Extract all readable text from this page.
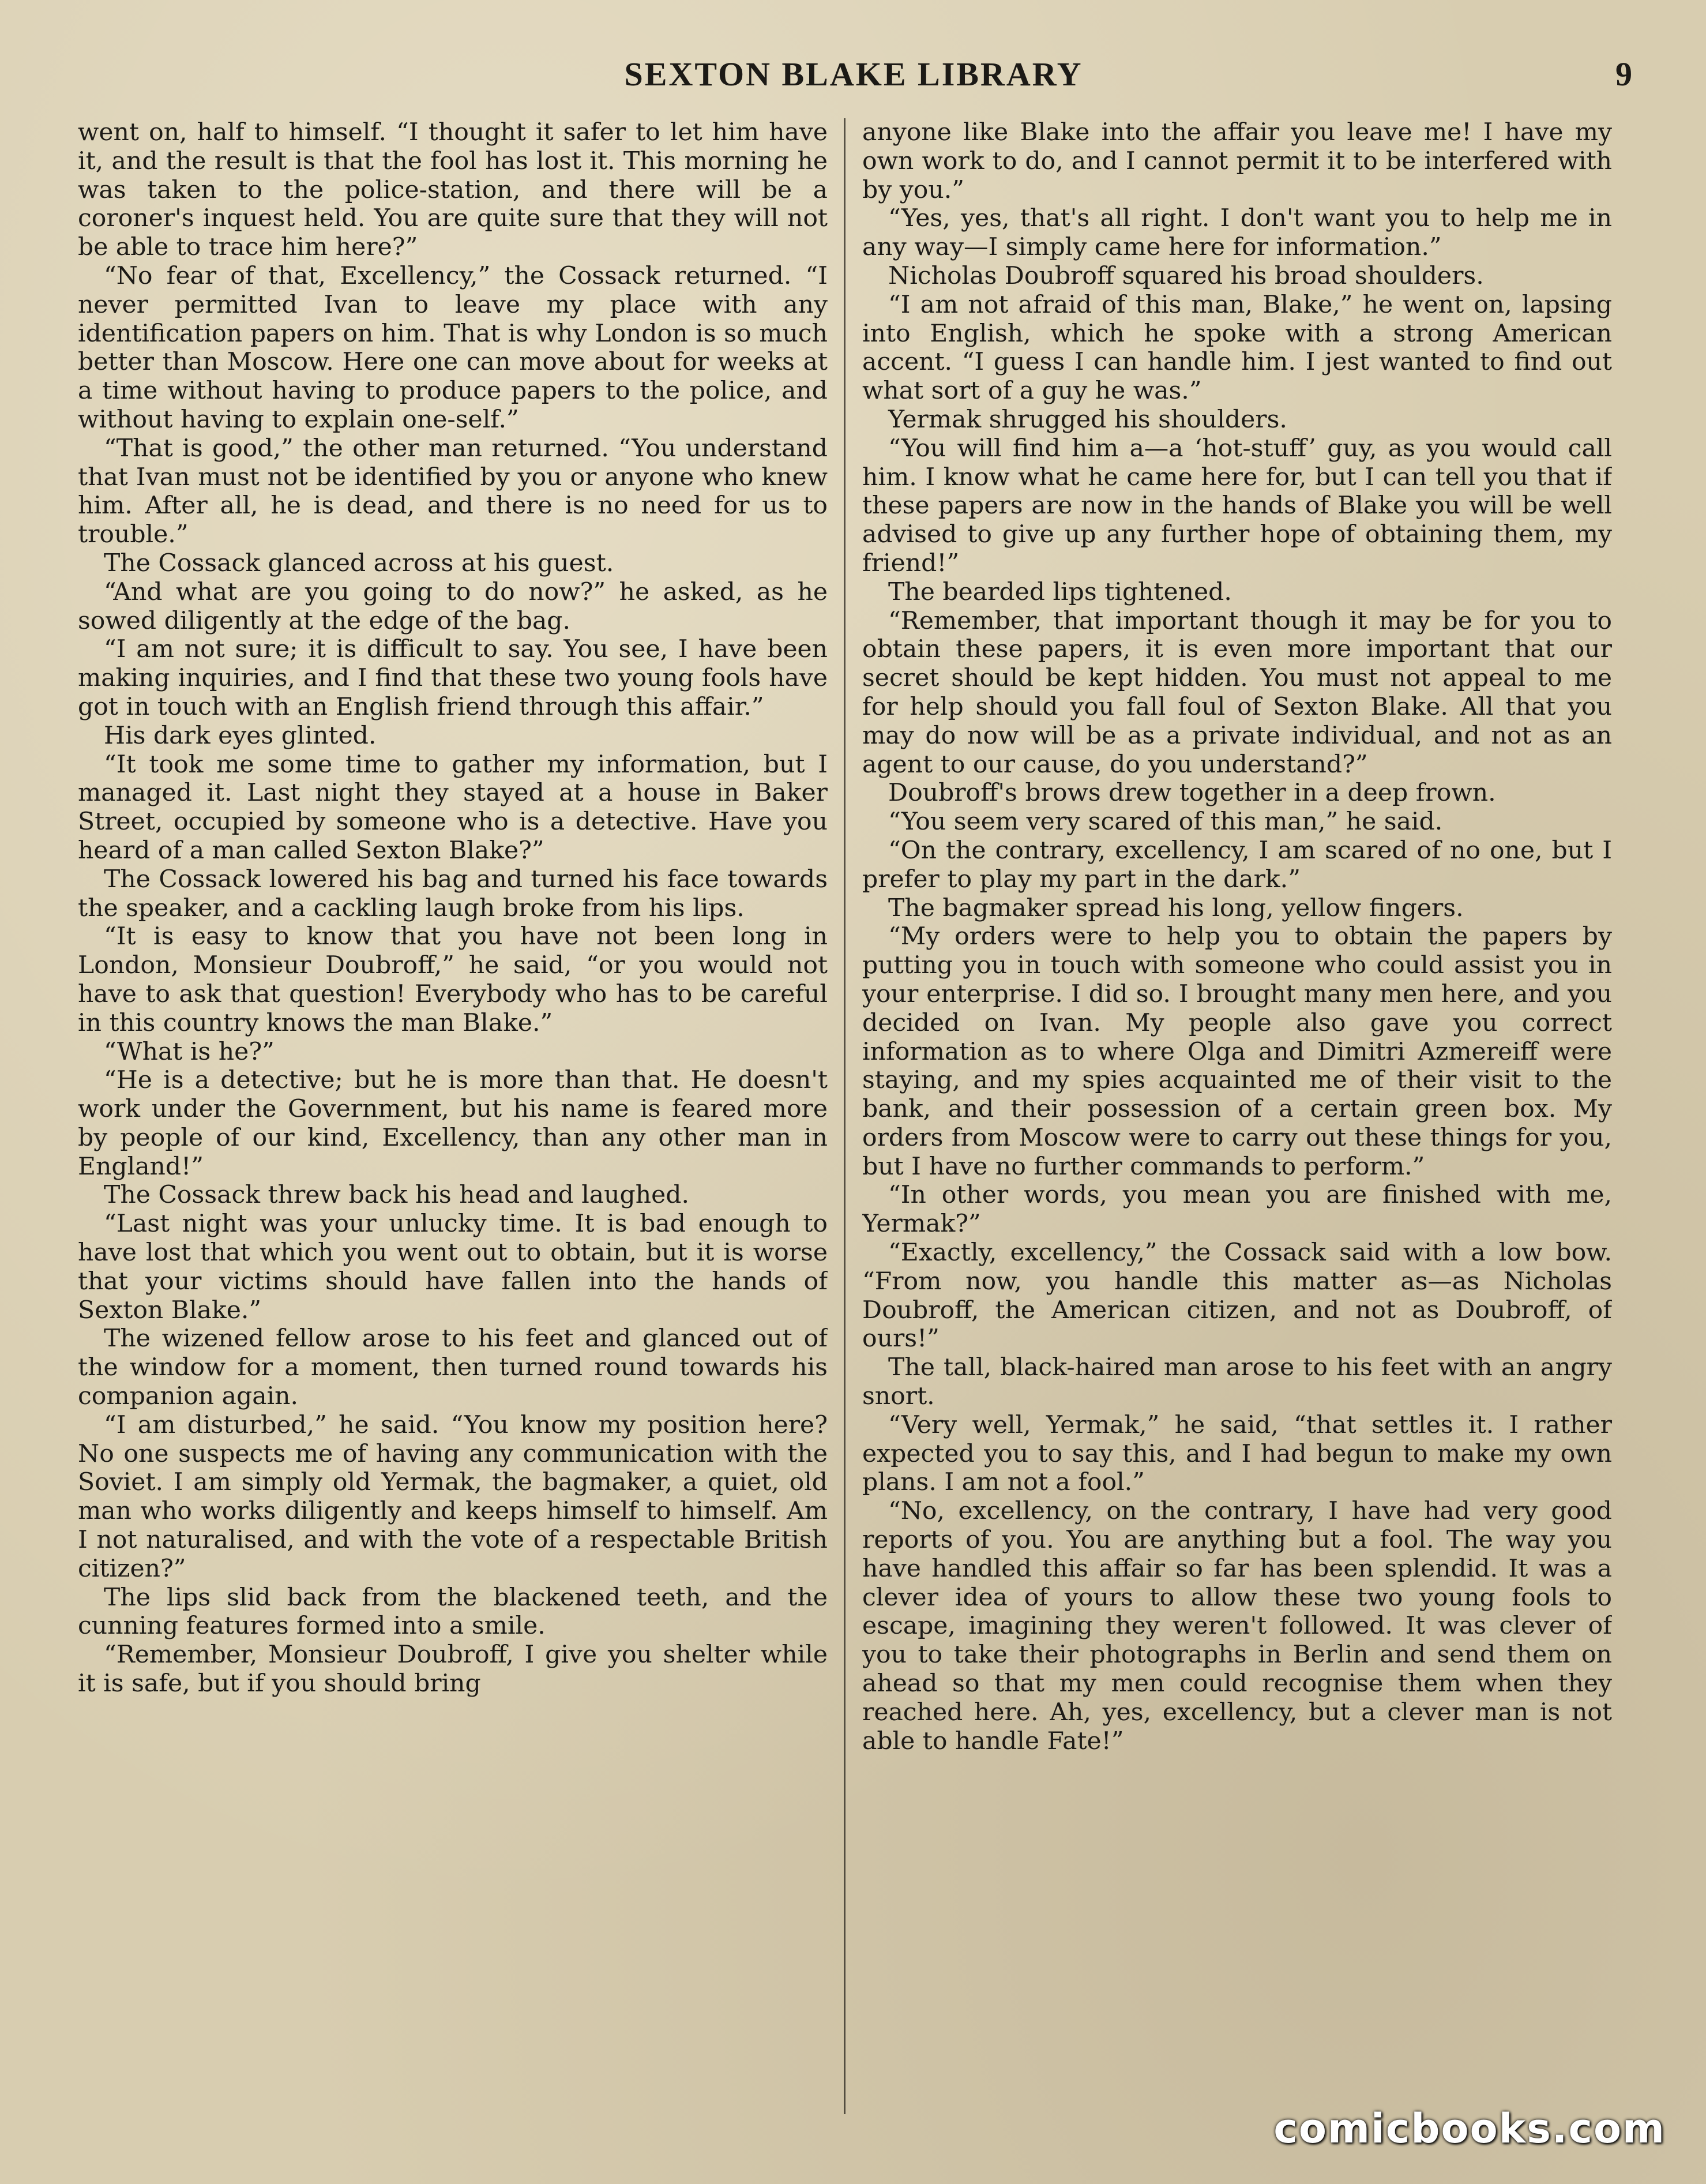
SEXTON BLAKE LIBRARY	9

went on, half to himself. “I thought it safer to let him have it, and the result is that the fool has lost it. This morning he was taken to the police-station, and there will be a coroner's inquest held. You are quite sure that they will not be able to trace him here?”

“No fear of that, Excellency,” the Cossack returned. “I never permitted Ivan to leave my place with any identification papers on him. That is why London is so much better than Moscow. Here one can move about for weeks at a time without having to produce papers to the police, and without having to explain one-self.”

“That is good,” the other man returned. “You understand that Ivan must not be identified by you or anyone who knew him. After all, he is dead, and there is no need for us to trouble.”

The Cossack glanced across at his guest.

“And what are you going to do now?” he asked, as he sowed diligently at the edge of the bag.

“I am not sure; it is difficult to say. You see, I have been making inquiries, and I find that these two young fools have got in touch with an English friend through this affair.”

His dark eyes glinted.

“It took me some time to gather my information, but I managed it. Last night they stayed at a house in Baker Street, occupied by someone who is a detective. Have you heard of a man called Sexton Blake?”

The Cossack lowered his bag and turned his face towards the speaker, and a cackling laugh broke from his lips.

“It is easy to know that you have not been long in London, Monsieur Doubroff,” he said, “or you would not have to ask that question! Everybody who has to be careful in this country knows the man Blake.”

“What is he?”

“He is a detective; but he is more than that. He doesn't work under the Government, but his name is feared more by people of our kind, Excellency, than any other man in England!”

The Cossack threw back his head and laughed.

“Last night was your unlucky time. It is bad enough to have lost that which you went out to obtain, but it is worse that your victims should have fallen into the hands of Sexton Blake.”

The wizened fellow arose to his feet and glanced out of the window for a moment, then turned round towards his companion again.

“I am disturbed,” he said. “You know my position here? No one suspects me of having any communication with the Soviet. I am simply old Yermak, the bagmaker, a quiet, old man who works diligently and keeps himself to himself. Am I not naturalised, and with the vote of a respectable British citizen?”

The lips slid back from the blackened teeth, and the cunning features formed into a smile.

“Remember, Monsieur Doubroff, I give you shelter while it is safe, but if you should bring

anyone like Blake into the affair you leave me! I have my own work to do, and I cannot permit it to be interfered with by you.”

“Yes, yes, that's all right. I don't want you to help me in any way—I simply came here for information.”

Nicholas Doubroff squared his broad shoulders.

“I am not afraid of this man, Blake,” he went on, lapsing into English, which he spoke with a strong American accent. “I guess I can handle him. I jest wanted to find out what sort of a guy he was.”

Yermak shrugged his shoulders.

“You will find him a—a ‘hot-stuff’ guy, as you would call him. I know what he came here for, but I can tell you that if these papers are now in the hands of Blake you will be well advised to give up any further hope of obtaining them, my friend!”

The bearded lips tightened.

“Remember, that important though it may be for you to obtain these papers, it is even more important that our secret should be kept hidden. You must not appeal to me for help should you fall foul of Sexton Blake. All that you may do now will be as a private individual, and not as an agent to our cause, do you understand?”

Doubroff's brows drew together in a deep frown.

“You seem very scared of this man,” he said.

“On the contrary, excellency, I am scared of no one, but I prefer to play my part in the dark.”

The bagmaker spread his long, yellow fingers.

“My orders were to help you to obtain the papers by putting you in touch with someone who could assist you in your enterprise. I did so. I brought many men here, and you decided on Ivan. My people also gave you correct information as to where Olga and Dimitri Azmereiff were staying, and my spies acquainted me of their visit to the bank, and their possession of a certain green box. My orders from Moscow were to carry out these things for you, but I have no further commands to perform.”

“In other words, you mean you are finished with me, Yermak?”

“Exactly, excellency,” the Cossack said with a low bow. “From now, you handle this matter as—as Nicholas Doubroff, the American citizen, and not as Doubroff, of ours!”

The tall, black-haired man arose to his feet with an angry snort.

“Very well, Yermak,” he said, “that settles it. I rather expected you to say this, and I had begun to make my own plans. I am not a fool.”

“No, excellency, on the contrary, I have had very good reports of you. You are anything but a fool. The way you have handled this affair so far has been splendid. It was a clever idea of yours to allow these two young fools to escape, imagining they weren't followed. It was clever of you to take their photographs in Berlin and send them on ahead so that my men could recognise them when they reached here. Ah, yes, excellency, but a clever man is not able to handle Fate!”

comicbooks.com
